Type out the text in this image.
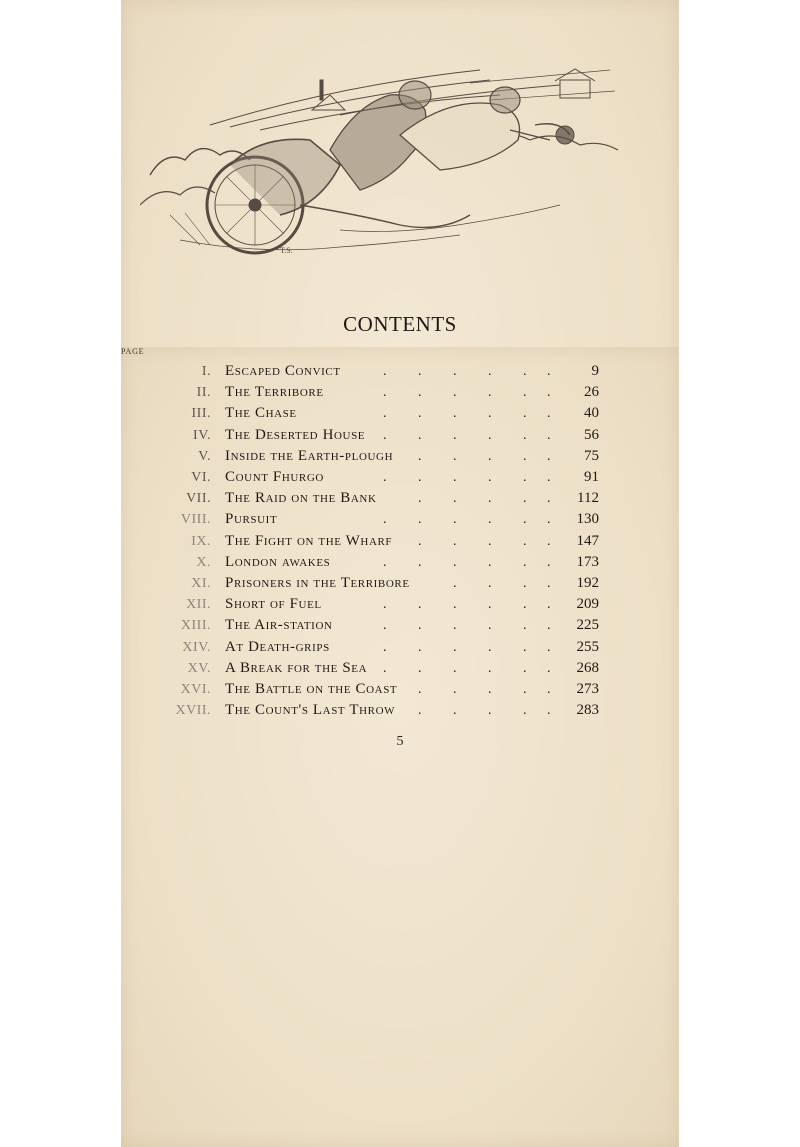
T.S.
CONTENTS
PAGE
I. Escaped Convict	. . . . . .	9
II. The Terribore	. . . . . . 26
III. The Chase	. . . . . . 40
IV. The Deserted House . . . . . . 56
V. Inside the Earth-plough . . . . . 75
VI. Count Fhurgo	. . . . . . 91
VII. The Raid on the Bank	. . . . . 112
VIII. Pursuit	. . . . . . 130
IX. The Fight on the Wharf . . . . . 147
X. London awakes	. . . . . . 173
XI. Prisoners in the Terribore	. . . . 192
XII. Short of Fuel	. . . . . . 209
XIII. The Air-station	. . . . . . 225
XIV. At Death-grips	. . . . . . 255
XV. A Break for the Sea . . . . . . 268
XVI. The Battle on the Coast . . . . . 273
XVII. The Count's Last Throw . . . . . 283
5
